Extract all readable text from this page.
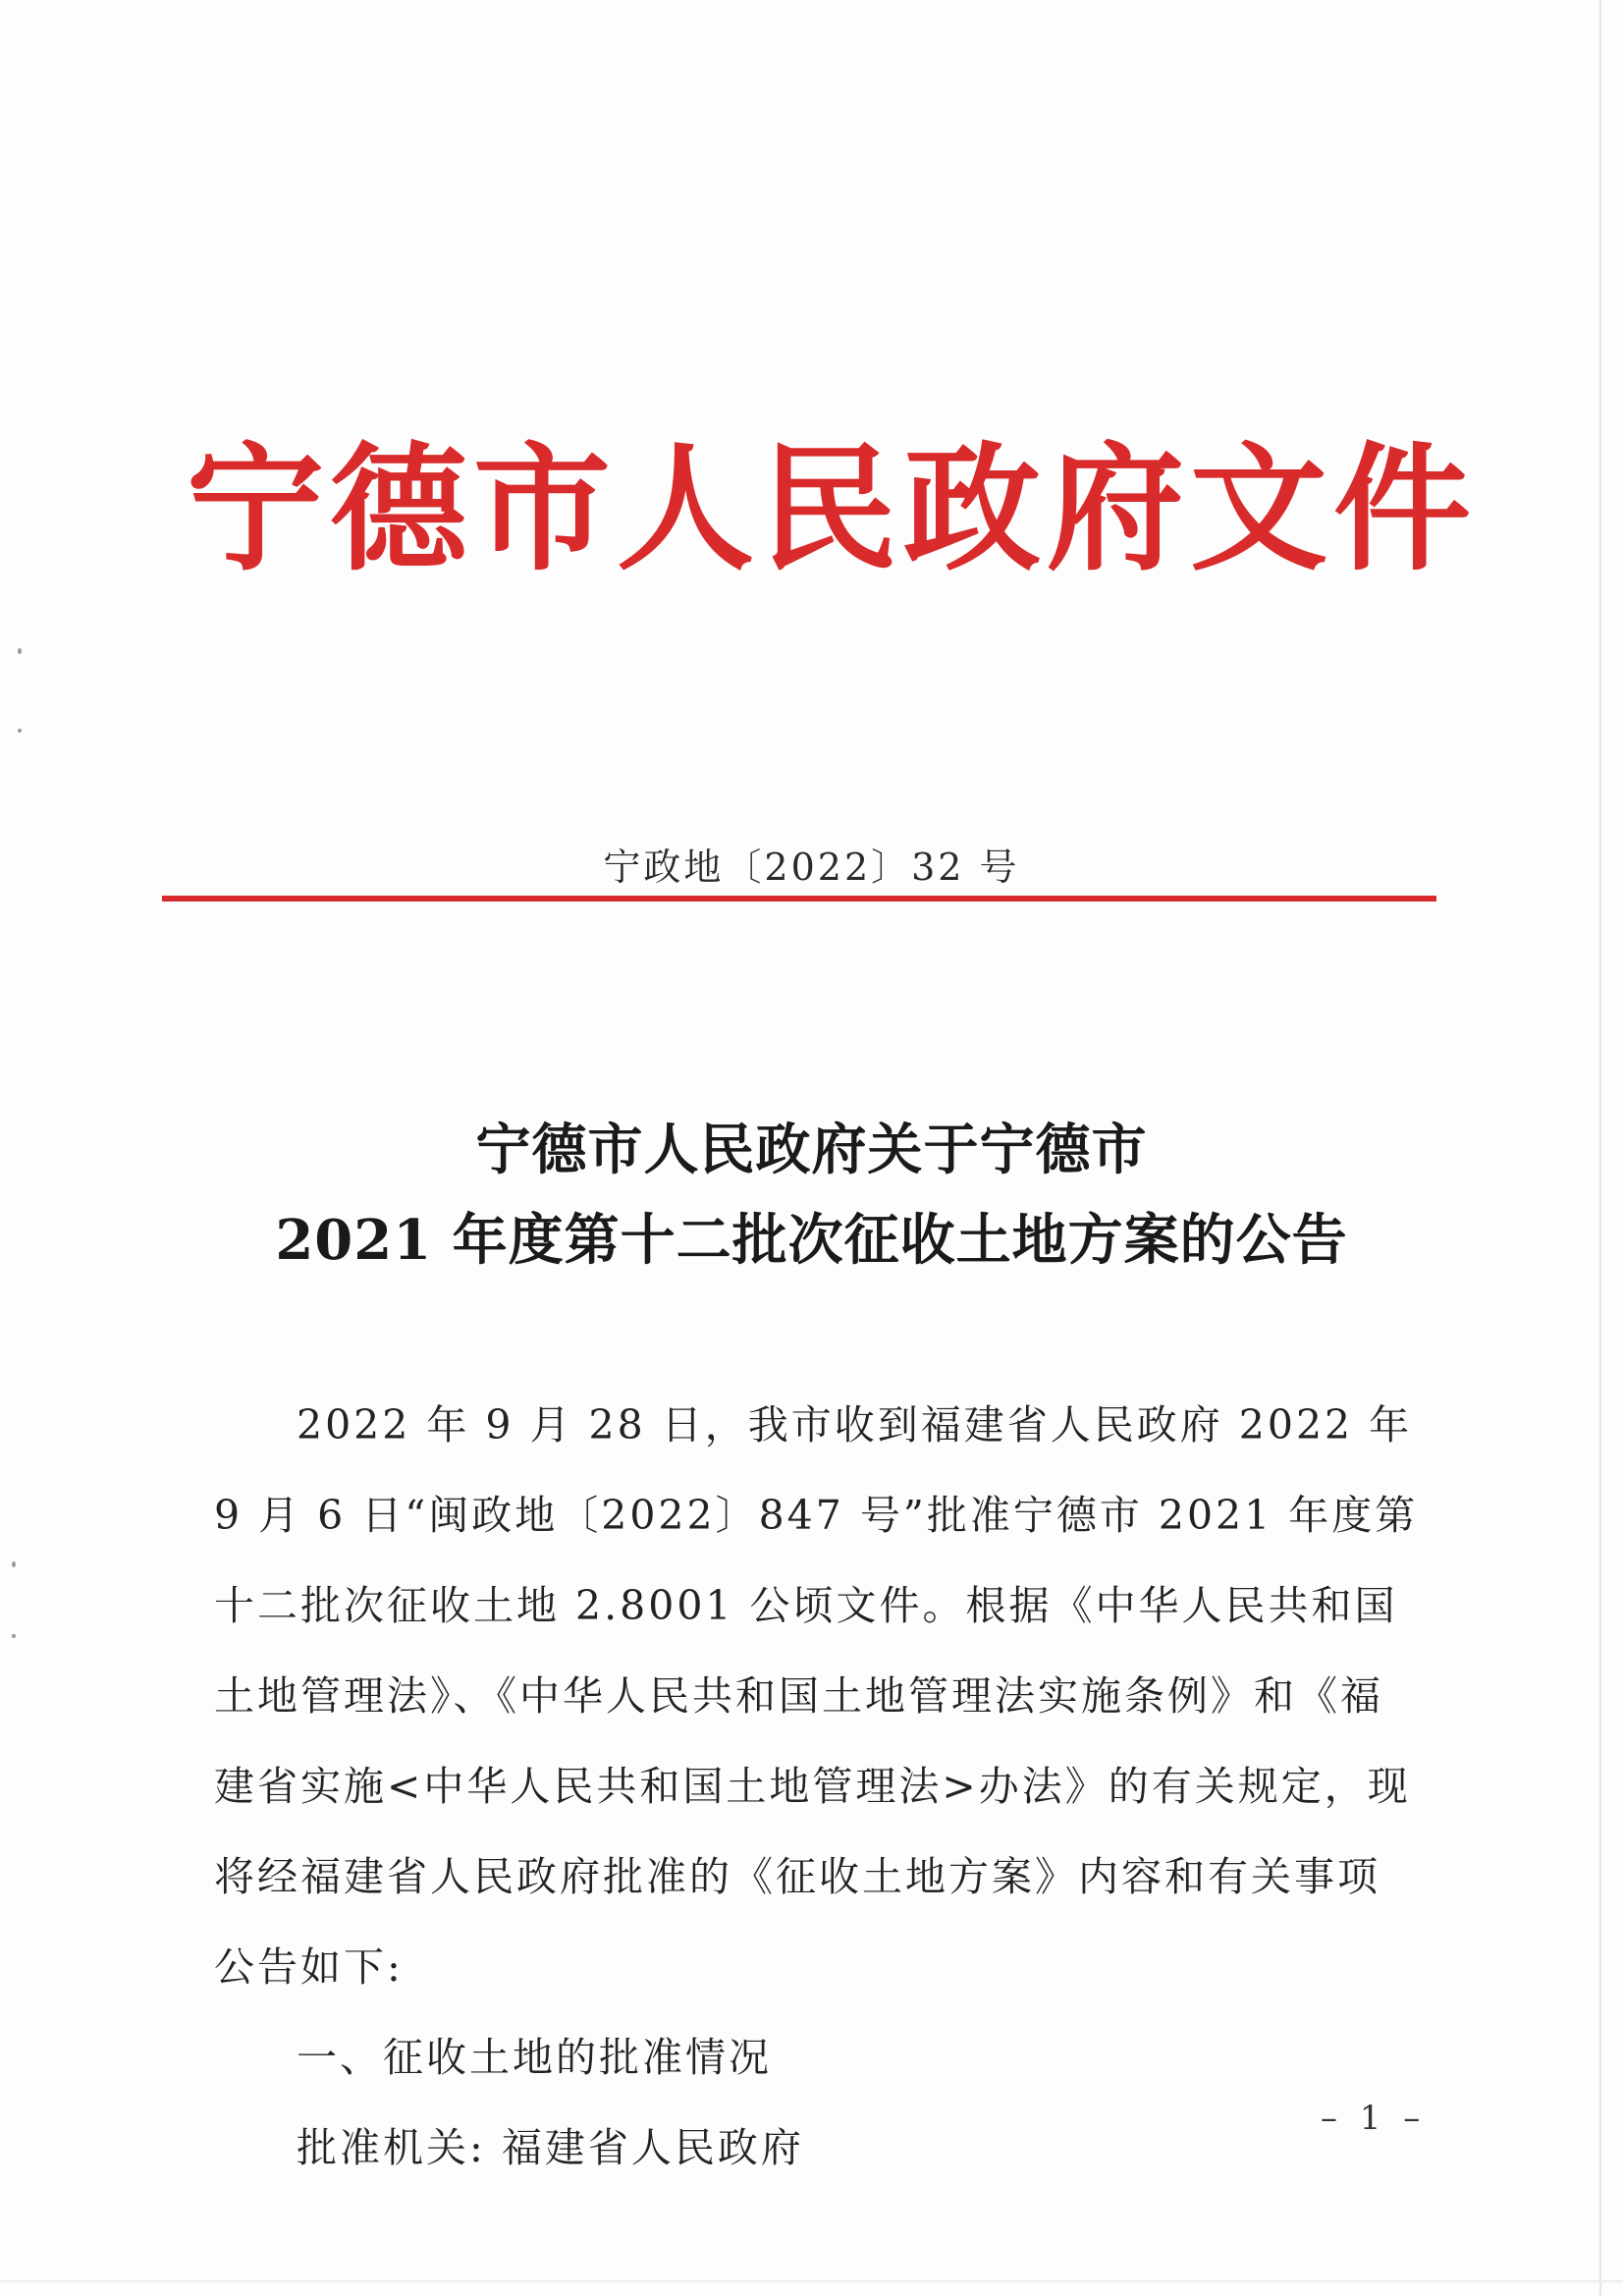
宁德市人民政府文件
宁政地〔2022〕32 号
宁德市人民政府关于宁德市
2021 年度第十二批次征收土地方案的公告

2022 年 9 月 28 日，我市收到福建省人民政府 2022 年 9 月 6 日“闽政地〔2022〕847 号”批准宁德市 2021 年度第十二批次征收土地 2.8001 公顷文件。根据《中华人民共和国土地管理法》、《中华人民共和国土地管理法实施条例》和《福建省实施<中华人民共和国土地管理法>办法》的有关规定，现将经福建省人民政府批准的《征收土地方案》内容和有关事项公告如下:

一、征收土地的批准情况

批准机关: 福建省人民政府

– 1 –
